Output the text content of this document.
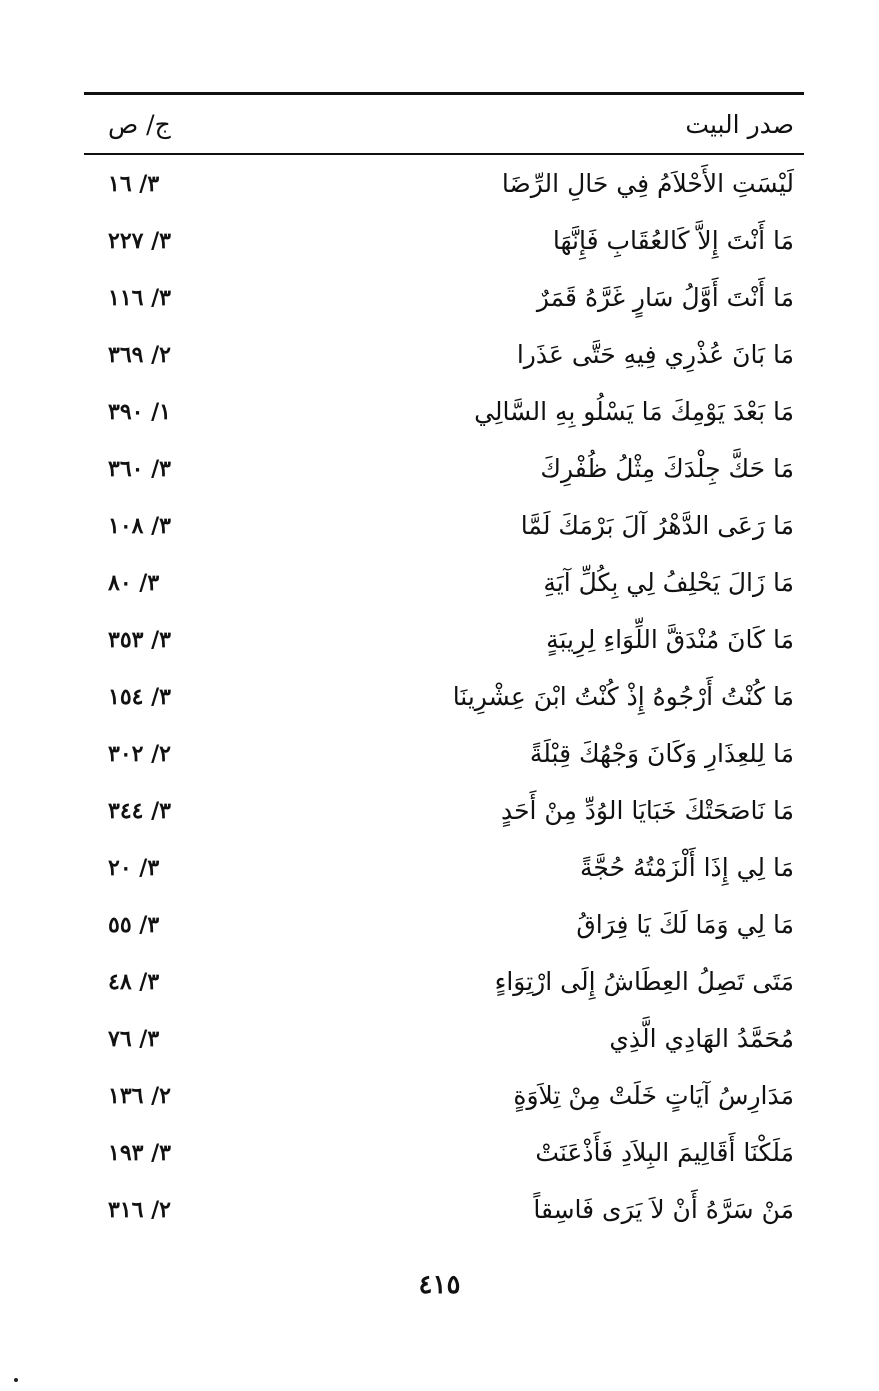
صدر البيت
ج/ ص
لَيْسَتِ الأَحْلاَمُ فِي حَالِ الرِّضَا
٣/ ١٦
مَا أَنْتَ إِلاَّ كَالعُقَابِ فَإِنَّهَا
٣/ ٢٢٧
مَا أَنْتَ أَوَّلُ سَارٍ غَرَّهُ قَمَرٌ
٣/ ١١٦
مَا بَانَ عُذْرِي فِيهِ حَتَّى عَذَرا
٢/ ٣٦٩
مَا بَعْدَ يَوْمِكَ مَا يَسْلُو بِهِ السَّالِي
١/ ٣٩٠
مَا حَكَّ جِلْدَكَ مِثْلُ ظُفْرِكَ
٣/ ٣٦٠
مَا رَعَى الدَّهْرُ آلَ بَرْمَكَ لَمَّا
٣/ ١٠٨
مَا زَالَ يَحْلِفُ لِي بِكُلِّ آيَةِ
٣/ ٨٠
مَا كَانَ مُنْدَقَّ اللِّوَاءِ لِرِيبَةٍ
٣/ ٣٥٣
مَا كُنْتُ أَرْجُوهُ إِذْ كُنْتُ ابْنَ عِشْرِينَا
٣/ ١٥٤
مَا لِلعِذَارِ وَكَانَ وَجْهُكَ قِبْلَةً
٢/ ٣٠٢
مَا نَاصَحَتْكَ خَبَايَا الوُدِّ مِنْ أَحَدٍ
٣/ ٣٤٤
مَا لِي إِذَا أَلْزَمْتُهُ حُجَّةً
٣/ ٢٠
مَا لِي وَمَا لَكَ يَا فِرَاقُ
٣/ ٥٥
مَتَى تَصِلُ العِطَاشُ إِلَى ارْتِوَاءٍ
٣/ ٤٨
مُحَمَّدُ الهَادِي الَّذِي
٣/ ٧٦
مَدَارِسُ آيَاتٍ خَلَتْ مِنْ تِلاَوَةٍ
٢/ ١٣٦
مَلَكْنَا أَقَالِيمَ البِلاَدِ فَأَذْعَنَتْ
٣/ ١٩٣
مَنْ سَرَّهُ أَنْ لاَ يَرَى فَاسِقاً
٢/ ٣١٦
٤١٥
